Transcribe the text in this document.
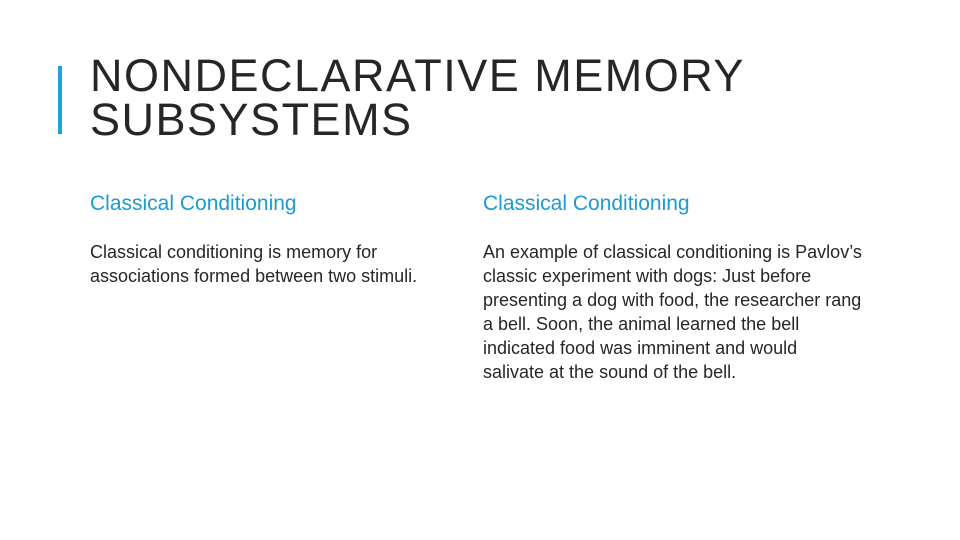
NONDECLARATIVE MEMORY
SUBSYSTEMS
Classical Conditioning

Classical conditioning is memory for associations formed between two stimuli.

Classical Conditioning

An example of classical conditioning is Pavlov’s classic experiment with dogs: Just before presenting a dog with food, the researcher rang a bell. Soon, the animal learned the bell indicated food was imminent and would salivate at the sound of the bell.
